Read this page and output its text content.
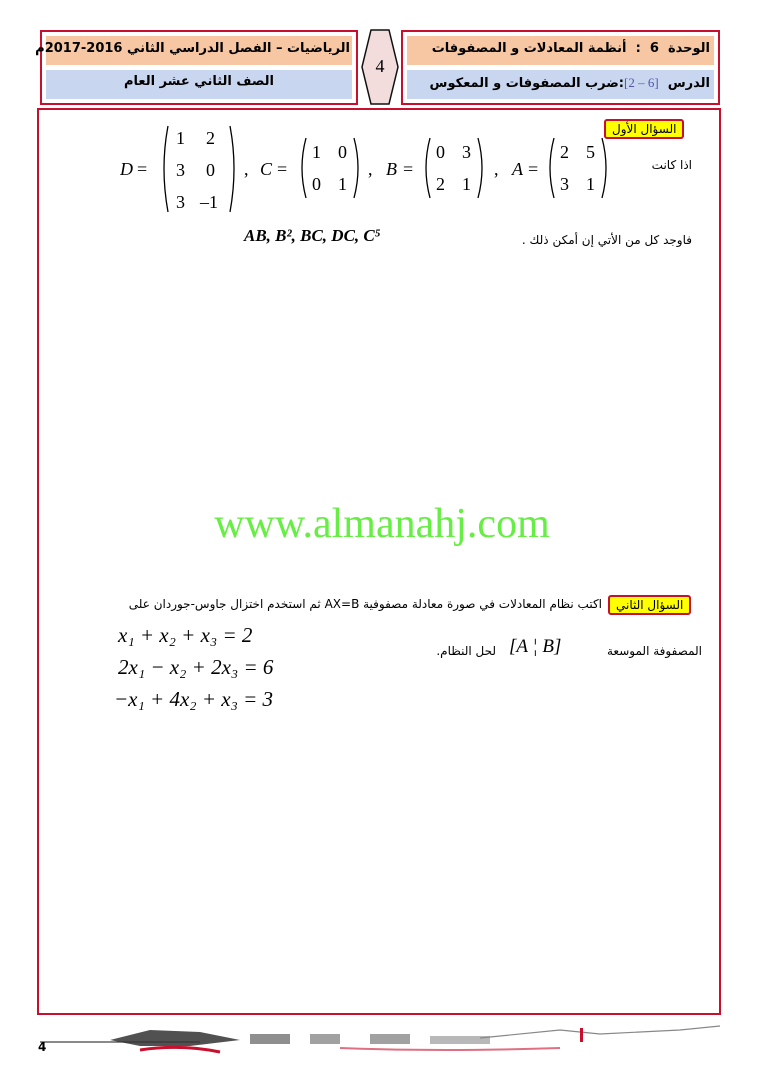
الوحدة  6  :  أنظمة المعادلات و المصفوفات
الدرس  [2 – 6]:ضرب المصفوفات و المعكوس
4
الرياضيات – الفصل الدراسي الثاني 2016-2017م
الصف الثاني عشر العام
السؤال الأول
اذا كانت
D =
1 2
3 0
3 –1
, C =
1 0
0 1
, B =
0 3
2 1
, A =
2 5
3 1
فاوجد كل من الأتي إن أمكن ذلك .
AB, B², BC, DC, C⁵
www.almanahj.com
السؤال الثاني
اكتب نظام المعادلات في صورة معادلة مصفوفية AX=B ثم استخدم اختزال جاوس-جوردان على
المصفوفة الموسعة
[A ¦ B]
لحل النظام.
x₁ + x₂ + x₃ = 2
2x₁ − x₂ + 2x₃ = 6
−x₁ + 4x₂ + x₃ = 3
4
